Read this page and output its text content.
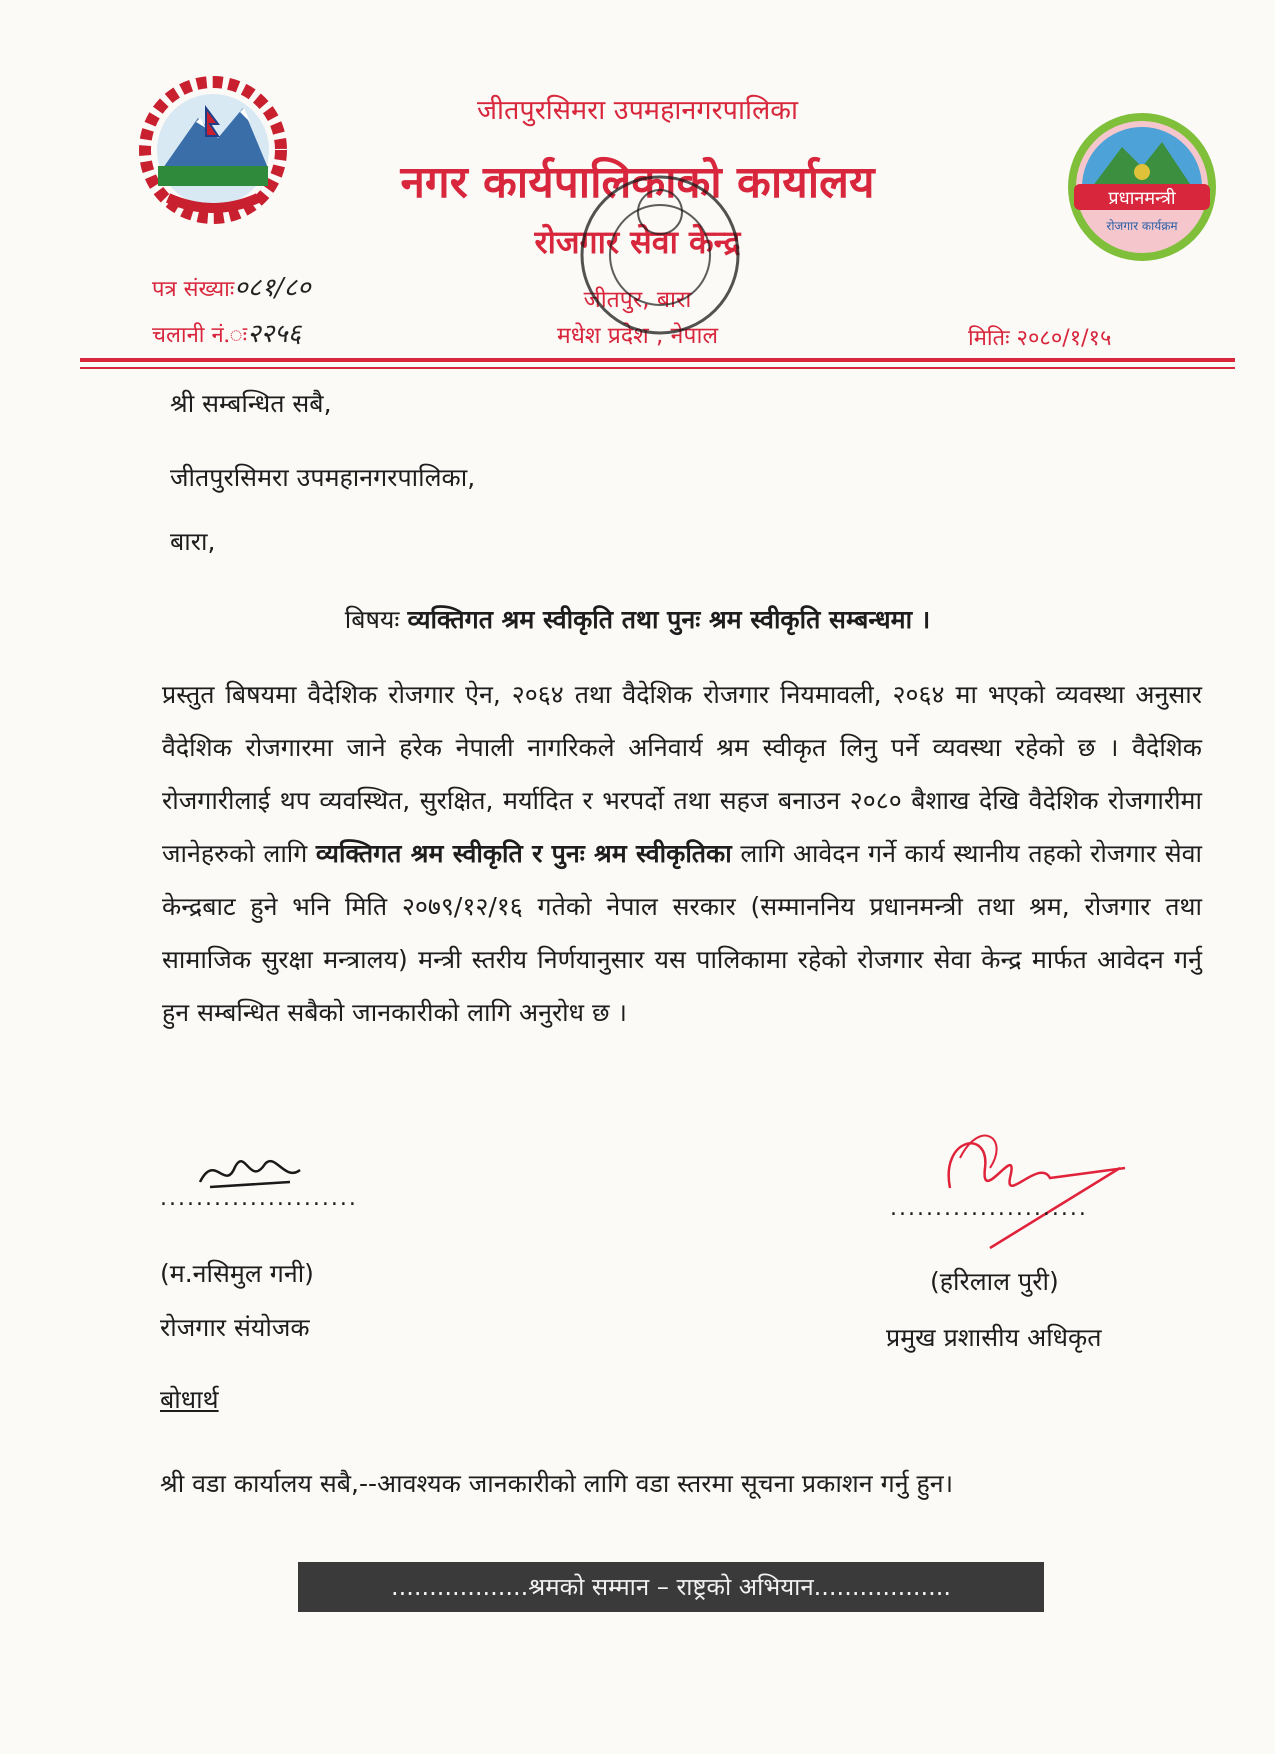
प्रधानमन्त्री
रोजगार कार्यक्रम
जीतपुरसिमरा उपमहानगरपालिका
नगर कार्यपालिकाको कार्यालय
रोजगार सेवा केन्द्र
जीतपुर, बारा
मधेश प्रदेश , नेपाल
पत्र संख्याः०८१/८०
चलानी नं.ः२२५६	मितिः २०८०/१/१५
श्री सम्बन्धित सबै,
जीतपुरसिमरा उपमहानगरपालिका,
बारा,
बिषयः व्यक्तिगत श्रम स्वीकृति तथा पुनः श्रम स्वीकृति सम्बन्धमा ।
प्रस्तुत बिषयमा वैदेशिक रोजगार ऐन, २०६४ तथा वैदेशिक रोजगार नियमावली, २०६४ मा भएको व्यवस्था अनुसार वैदेशिक रोजगारमा जाने हरेक नेपाली नागरिकले अनिवार्य श्रम स्वीकृत लिनु पर्ने व्यवस्था रहेको छ । वैदेशिक रोजगारीलाई थप व्यवस्थित, सुरक्षित, मर्यादित र भरपर्दो तथा सहज बनाउन २०८० बैशाख देखि वैदेशिक रोजगारीमा जानेहरुको लागि व्यक्तिगत श्रम स्वीकृति र पुनः श्रम स्वीकृतिका लागि आवेदन गर्ने कार्य स्थानीय तहको रोजगार सेवा केन्द्रबाट हुने भनि मिति २०७९/१२/१६ गतेको नेपाल सरकार (सम्माननिय प्रधानमन्त्री तथा श्रम, रोजगार तथा सामाजिक सुरक्षा मन्त्रालय) मन्त्री स्तरीय निर्णयानुसार यस पालिकामा रहेको रोजगार सेवा केन्द्र मार्फत आवेदन गर्नु हुन सम्बन्धित सबैको जानकारीको लागि अनुरोध छ ।
......................
(म.नसिमुल गनी)
रोजगार संयोजक
......................
(हरिलाल पुरी)
प्रमुख प्रशासीय अधिकृत
बोधार्थ
श्री वडा कार्यालय सबै,--आवश्यक जानकारीको लागि वडा स्तरमा सूचना प्रकाशन गर्नु हुन।
..................श्रमको सम्मान – राष्ट्रको अभियान..................
